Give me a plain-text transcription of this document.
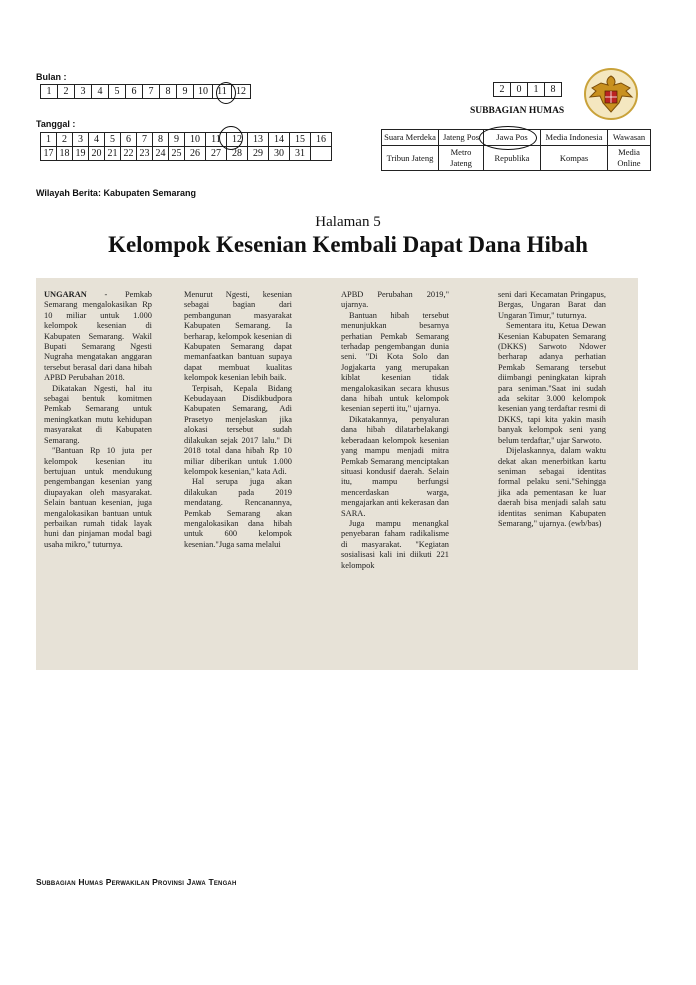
Bulan :
1	2	3	4	5	6	7	8	9	10	11	12
Tanggal :
1	2	3	4	5	6	7	8	9	10	11	12	13	14	15	16
17	18	19	20	21	22	23	24	25	26	27	28	29	30	31	
2	0	1	8
SUBBAGIAN HUMAS
Suara Merdeka	Jateng Pos	Jawa Pos	Media Indonesia	Wawasan
Tribun Jateng	Metro Jateng	Republika	Kompas	Media Online
Wilayah Berita: Kabupaten Semarang
Halaman 5
Kelompok Kesenian Kembali Dapat Dana Hibah

UNGARAN - Pemkab Semarang mengalokasikan Rp 10 miliar untuk 1.000 kelompok kesenian di Kabupaten Semarang. Wakil Bupati Semarang Ngesti Nugraha mengatakan anggaran tersebut berasal dari dana hibah APBD Perubahan 2018.

Dikatakan Ngesti, hal itu sebagai bentuk komitmen Pemkab Semarang untuk meningkatkan mutu kehidupan masyarakat di Kabupaten Semarang.

"Bantuan Rp 10 juta per kelompok kesenian itu bertujuan untuk mendukung pengembangan kesenian yang diupayakan oleh masyarakat. Selain bantuan kesenian, juga mengalokasikan bantuan untuk perbaikan rumah tidak layak huni dan pinjaman modal bagi usaha mikro," tuturnya.

Menurut Ngesti, kesenian sebagai bagian dari pembangunan masyarakat Kabupaten Semarang. Ia berharap, kelompok kesenian di Kabupaten Semarang dapat memanfaatkan bantuan supaya dapat membuat kualitas kelompok kesenian lebih baik.

Terpisah, Kepala Bidang Kebudayaan Disdikbudpora Kabupaten Semarang, Adi Prasetyo menjelaskan jika alokasi tersebut sudah dilakukan sejak 2017 lalu." Di 2018 total dana hibah Rp 10 miliar diberikan untuk 1.000 kelompok kesenian," kata Adi.

Hal serupa juga akan dilakukan pada 2019 mendatang. Rencanannya, Pemkab Semarang akan mengalokasikan dana hibah untuk 600 kelompok kesenian."Juga sama melalui

APBD Perubahan 2019," ujarnya.

Bantuan hibah tersebut menunjukkan besarnya perhatian Pemkab Semarang terhadap pengembangan dunia seni. "Di Kota Solo dan Jogjakarta yang merupakan kiblat kesenian tidak mengalokasikan secara khusus dana hibah untuk kelompok kesenian seperti itu," ujarnya.

Dikatakannya, penyaluran dana hibah dilatarbelakangi keberadaan kelompok kesenian yang mampu menjadi mitra Pemkab Semarang menciptakan situasi kondusif daerah. Selain itu, mampu berfungsi mencerdaskan warga, mengajarkan anti kekerasan dan SARA.

Juga mampu menangkal penyebaran faham radikalisme di masyarakat. "Kegiatan sosialisasi kali ini diikuti 221 kelompok

seni dari Kecamatan Pringapus, Bergas, Ungaran Barat dan Ungaran Timur," tuturnya.

Sementara itu, Ketua Dewan Kesenian Kabupaten Semarang (DKKS) Sarwoto Ndower berharap adanya perhatian Pemkab Semarang tersebut diimbangi peningkatan kiprah para seniman."Saat ini sudah ada sekitar 3.000 kelompok kesenian yang terdaftar resmi di DKKS, tapi kita yakin masih banyak kelompok seni yang belum terdaftar," ujar Sarwoto.

Dijelaskannya, dalam waktu dekat akan menerbitkan kartu seniman sebagai identitas formal pelaku seni."Sehingga jika ada pementasan ke luar daerah bisa menjadi salah satu identitas seniman Kabupaten Semarang," ujarnya. (ewb/bas)

Subbagian Humas Perwakilan Provinsi Jawa Tengah
